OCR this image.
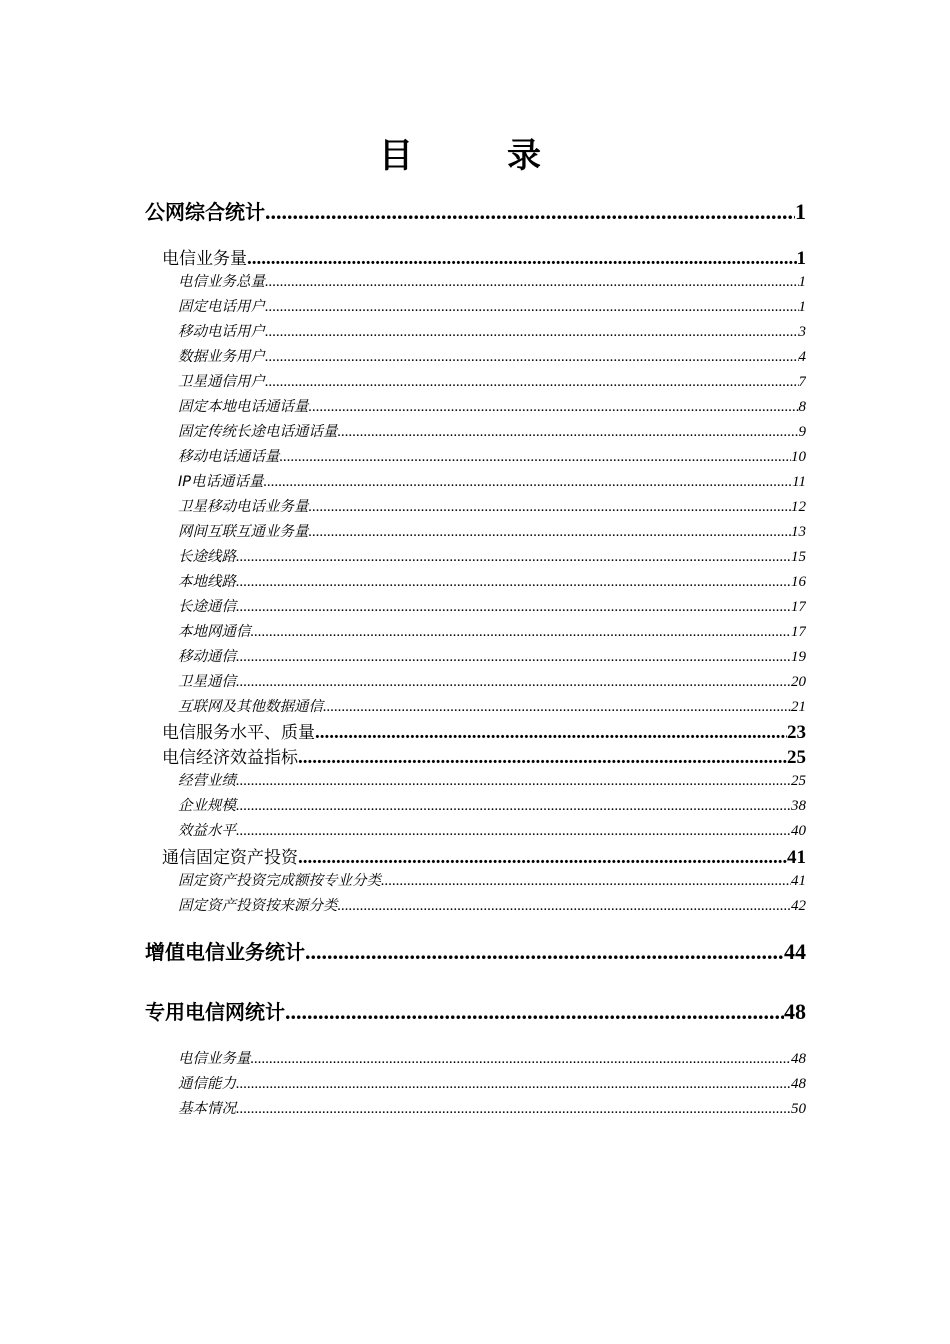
目　录
公网综合统计 .....	1
电信业务量 .....	1
电信业务总量 .....	1
固定电话用户 .....	1
移动电话用户 .....	3
数据业务用户 .....	4
卫星通信用户 .....	7
固定本地电话通话量 .....	8
固定传统长途电话通话量 .....	9
移动电话通话量 .....	10
IP电话通话量 .....	11
卫星移动电话业务量 .....	12
网间互联互通业务量 .....	13
长途线路 .....	15
本地线路 .....	16
长途通信 .....	17
本地网通信 .....	17
移动通信 .....	19
卫星通信 .....	20
互联网及其他数据通信 .....	21
电信服务水平、质量 .....	23
电信经济效益指标 .....	25
经营业绩 .....	25
企业规模 .....	38
效益水平 .....	40
通信固定资产投资 .....	41
固定资产投资完成额按专业分类 .....	41
固定资产投资按来源分类 .....	42
增值电信业务统计 .....	44
专用电信网统计 .....	48
电信业务量 .....	48
通信能力 .....	48
基本情况 .....	50
